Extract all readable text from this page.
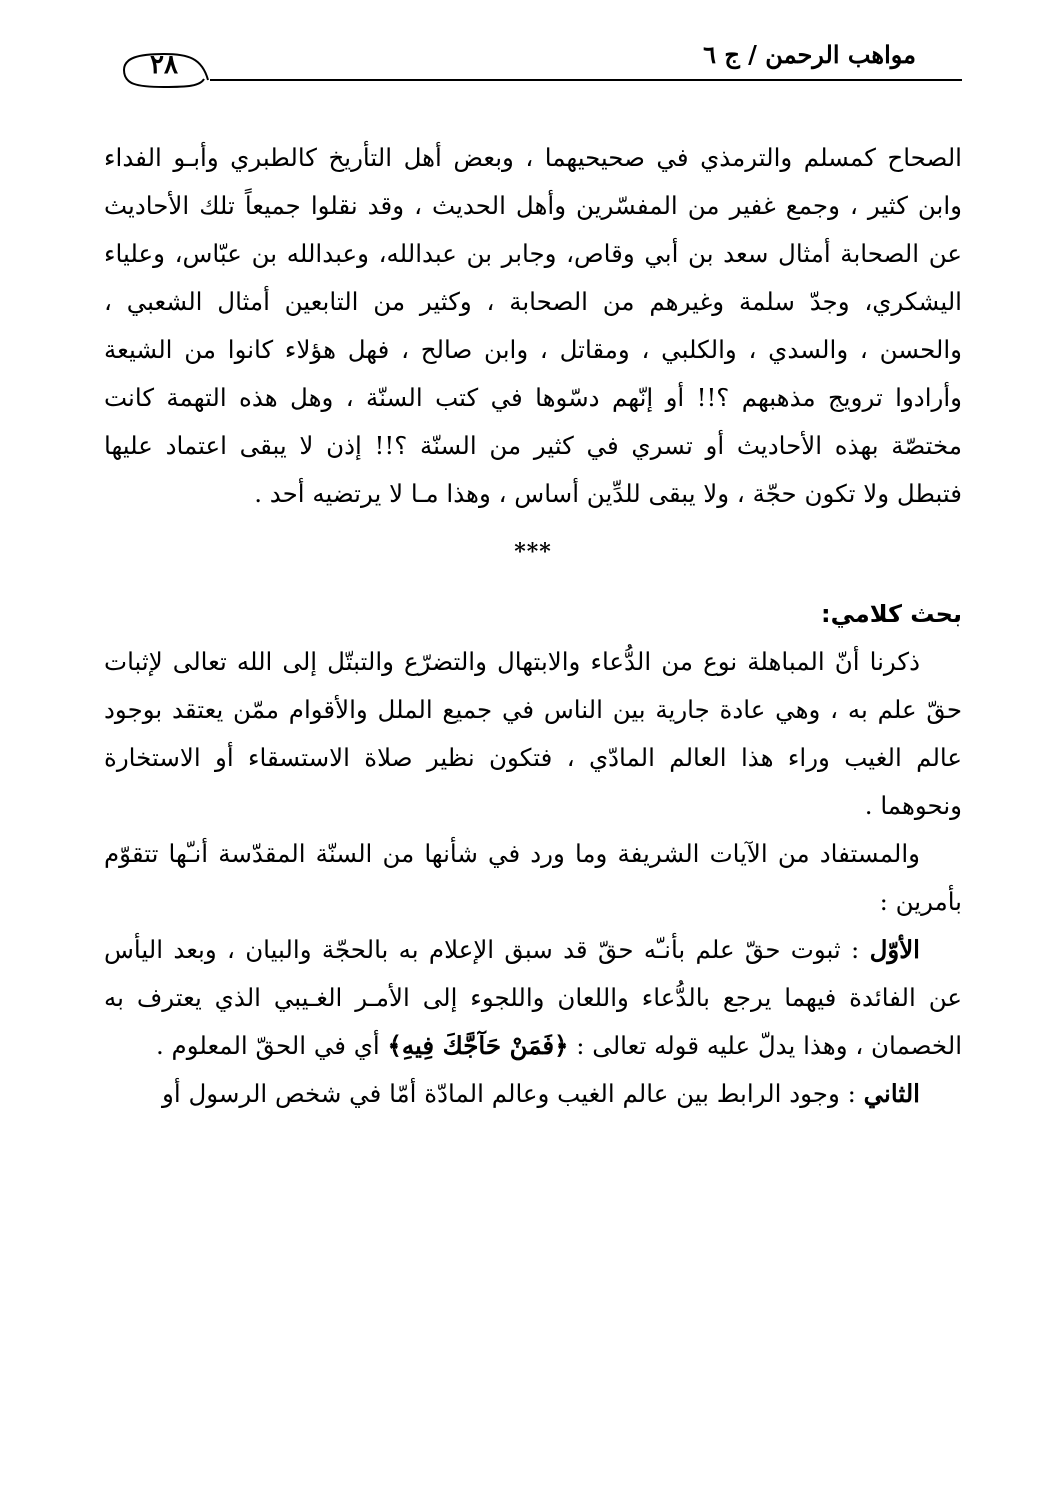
مواهب الرحمن / ج ٦
٢٨

الصحاح كمسلم والترمذي في صحيحيهما ، وبعض أهل التأريخ كالطبري وأبـو الفداء وابن كثير ، وجمع غفير من المفسّرين وأهل الحديث ، وقد نقلوا جميعاً تلك الأحاديث عن الصحابة أمثال سعد بن أبي وقاص، وجابر بن عبدالله، وعبدالله بن عبّاس، وعلياء اليشكري، وجدّ سلمة وغيرهم من الصحابة ، وكثير من التابعين أمثال الشعبي ، والحسن ، والسدي ، والكلبي ، ومقاتل ، وابن صالح ، فهل هؤلاء كانوا من الشيعة وأرادوا ترويج مذهبهم ؟!! أو إنّهم دسّوها في كتب السنّة ، وهل هذه التهمة كانت مختصّة بهذه الأحاديث أو تسري في كثير من السنّة ؟!! إذن لا يبقى اعتماد عليها فتبطل ولا تكون حجّة ، ولا يبقى للدِّين أساس ، وهذا مـا لا يرتضيه أحد .

***

بحث كلامي:

ذكرنا أنّ المباهلة نوع من الدُّعاء والابتهال والتضرّع والتبتّل إلى الله تعالى لإثبات حقّ علم به ، وهي عادة جارية بين الناس في جميع الملل والأقوام ممّن يعتقد بوجود عالم الغيب وراء هذا العالم المادّي ، فتكون نظير صلاة الاستسقاء أو الاستخارة ونحوهما .

والمستفاد من الآيات الشريفة وما ورد في شأنها من السنّة المقدّسة أنـّها تتقوّم بأمرين :

الأوّل : ثبوت حقّ علم بأنـّه حقّ قد سبق الإعلام به بالحجّة والبيان ، وبعد اليأس عن الفائدة فيهما يرجع بالدُّعاء واللعان واللجوء إلى الأمـر الغـيبي الذي يعترف به الخصمان ، وهذا يدلّ عليه قوله تعالى : ﴿فَمَنْ حَآجَّكَ فِيهِ﴾ أي في الحقّ المعلوم .

الثاني : وجود الرابط بين عالم الغيب وعالم المادّة أمّا في شخص الرسول أو
